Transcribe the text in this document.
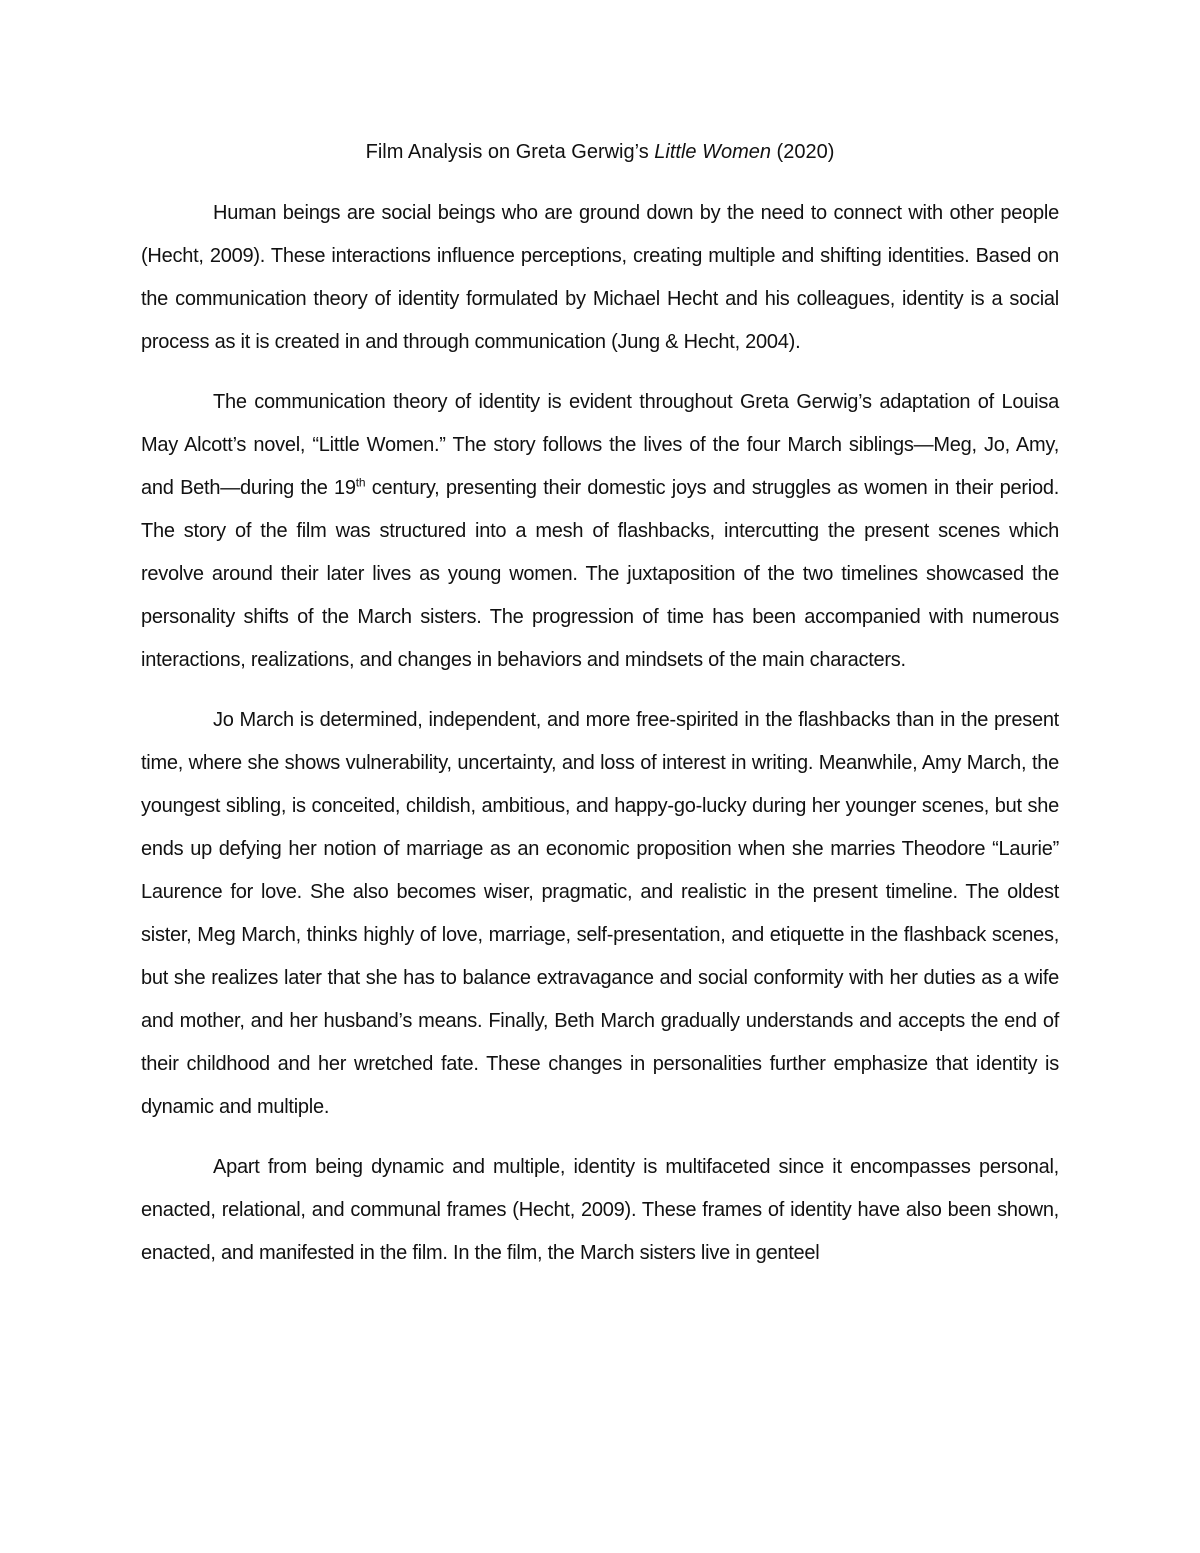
Film Analysis on Greta Gerwig’s Little Women (2020)

Human beings are social beings who are ground down by the need to connect with other people (Hecht, 2009). These interactions influence perceptions, creating multiple and shifting identities. Based on the communication theory of identity formulated by Michael Hecht and his colleagues, identity is a social process as it is created in and through communication (Jung & Hecht, 2004).

The communication theory of identity is evident throughout Greta Gerwig’s adaptation of Louisa May Alcott’s novel, “Little Women.” The story follows the lives of the four March siblings—Meg, Jo, Amy, and Beth—during the 19th century, presenting their domestic joys and struggles as women in their period. The story of the film was structured into a mesh of flashbacks, intercutting the present scenes which revolve around their later lives as young women. The juxtaposition of the two timelines showcased the personality shifts of the March sisters. The progression of time has been accompanied with numerous interactions, realizations, and changes in behaviors and mindsets of the main characters.

Jo March is determined, independent, and more free-spirited in the flashbacks than in the present time, where she shows vulnerability, uncertainty, and loss of interest in writing. Meanwhile, Amy March, the youngest sibling, is conceited, childish, ambitious, and happy-go-lucky during her younger scenes, but she ends up defying her notion of marriage as an economic proposition when she marries Theodore “Laurie” Laurence for love. She also becomes wiser, pragmatic, and realistic in the present timeline. The oldest sister, Meg March, thinks highly of love, marriage, self-presentation, and etiquette in the flashback scenes, but she realizes later that she has to balance extravagance and social conformity with her duties as a wife and mother, and her husband’s means. Finally, Beth March gradually understands and accepts the end of their childhood and her wretched fate. These changes in personalities further emphasize that identity is dynamic and multiple.

Apart from being dynamic and multiple, identity is multifaceted since it encompasses personal, enacted, relational, and communal frames (Hecht, 2009). These frames of identity have also been shown, enacted, and manifested in the film. In the film, the March sisters live in genteel
